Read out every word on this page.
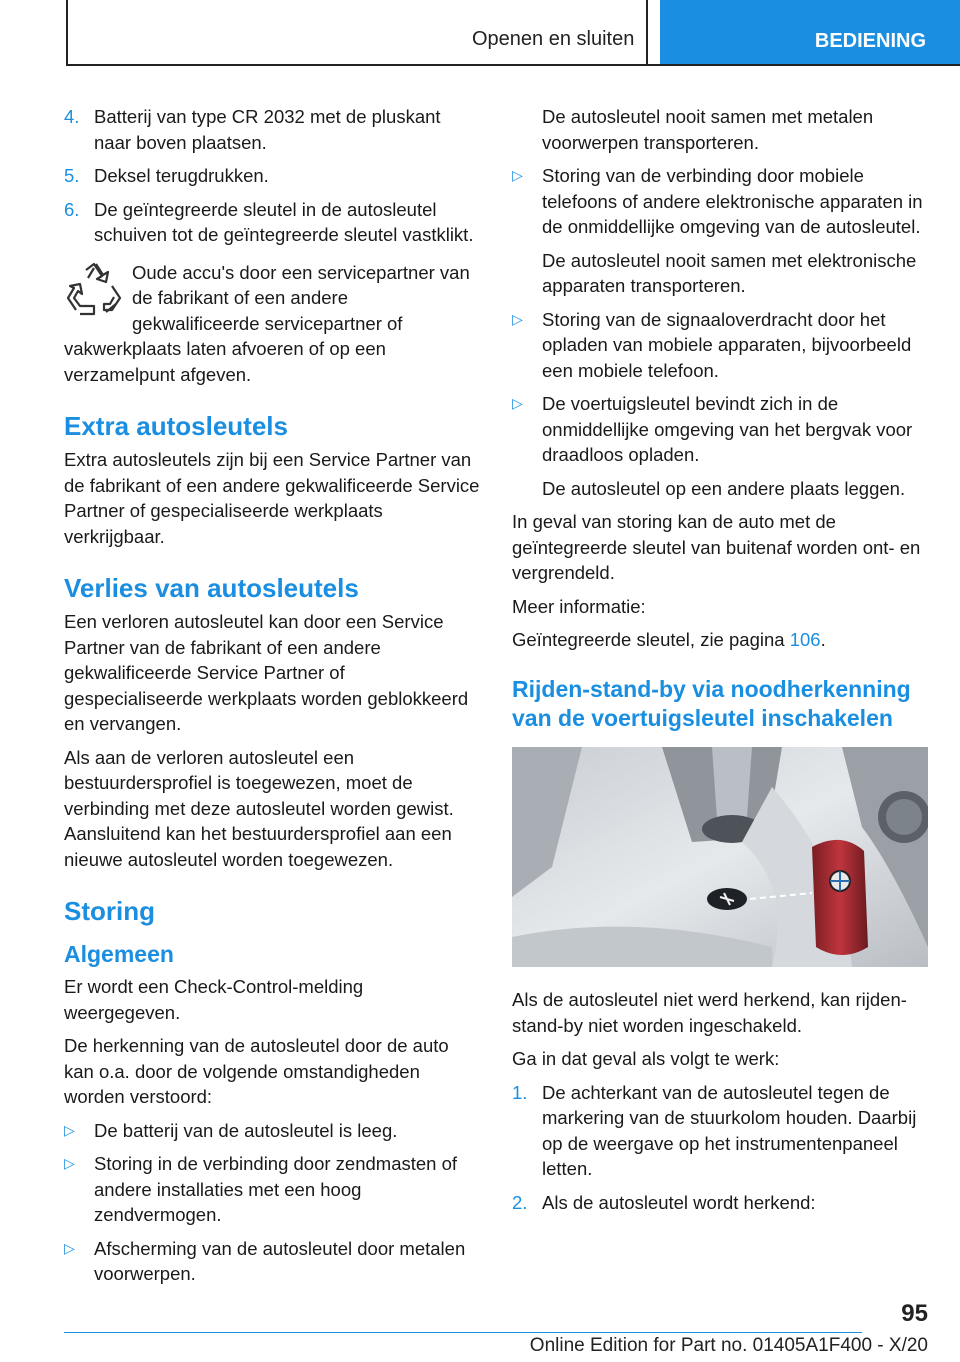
Openen en sluiten	BEDIENING
4. Batterij van type CR 2032 met de pluskant naar boven plaatsen.
5. Deksel terugdrukken.
6. De geïntegreerde sleutel in de autosleutel schuiven tot de geïntegreerde sleutel vastklikt.
Oude accu's door een servicepartner van de fabrikant of een andere gekwalificeerde servicepartner of vakwerkplaats laten afvoeren of op een verzamelpunt afgeven.
Extra autosleutels

Extra autosleutels zijn bij een Service Partner van de fabrikant of een andere gekwalificeerde Service Partner of gespecialiseerde werkplaats verkrijgbaar.

Verlies van autosleutels

Een verloren autosleutel kan door een Service Partner van de fabrikant of een andere gekwalificeerde Service Partner of gespecialiseerde werkplaats worden geblokkeerd en vervangen.

Als aan de verloren autosleutel een bestuurdersprofiel is toegewezen, moet de verbinding met deze autosleutel worden gewist. Aansluitend kan het bestuurdersprofiel aan een nieuwe autosleutel worden toegewezen.

Storing
Algemeen

Er wordt een Check-Control-melding weergegeven.

De herkenning van de autosleutel door de auto kan o.a. door de volgende omstandigheden worden verstoord:

▷ De batterij van de autosleutel is leeg.
▷ Storing in de verbinding door zendmasten of andere installaties met een hoog zendvermogen.
▷ Afscherming van de autosleutel door metalen voorwerpen.

De autosleutel nooit samen met metalen voorwerpen transporteren.

▷ Storing van de verbinding door mobiele telefoons of andere elektronische apparaten in de onmiddellijke omgeving van de autosleutel.

De autosleutel nooit samen met elektronische apparaten transporteren.

▷ Storing van de signaaloverdracht door het opladen van mobiele apparaten, bijvoorbeeld een mobiele telefoon.
▷ De voertuigsleutel bevindt zich in de onmiddellijke omgeving van het bergvak voor draadloos opladen.

De autosleutel op een andere plaats leggen.

In geval van storing kan de auto met de geïntegreerde sleutel van buitenaf worden ont- en vergrendeld.

Meer informatie:

Geïntegreerde sleutel, zie pagina 106.

Rijden-stand-by via noodherkenning van de voertuigsleutel inschakelen

Als de autosleutel niet werd herkend, kan rijden-stand-by niet worden ingeschakeld.

Ga in dat geval als volgt te werk:

1. De achterkant van de autosleutel tegen de markering van de stuurkolom houden. Daarbij op de weergave op het instrumentenpaneel letten.
2. Als de autosleutel wordt herkend:
95
Online Edition for Part no. 01405A1F400 - X/20
